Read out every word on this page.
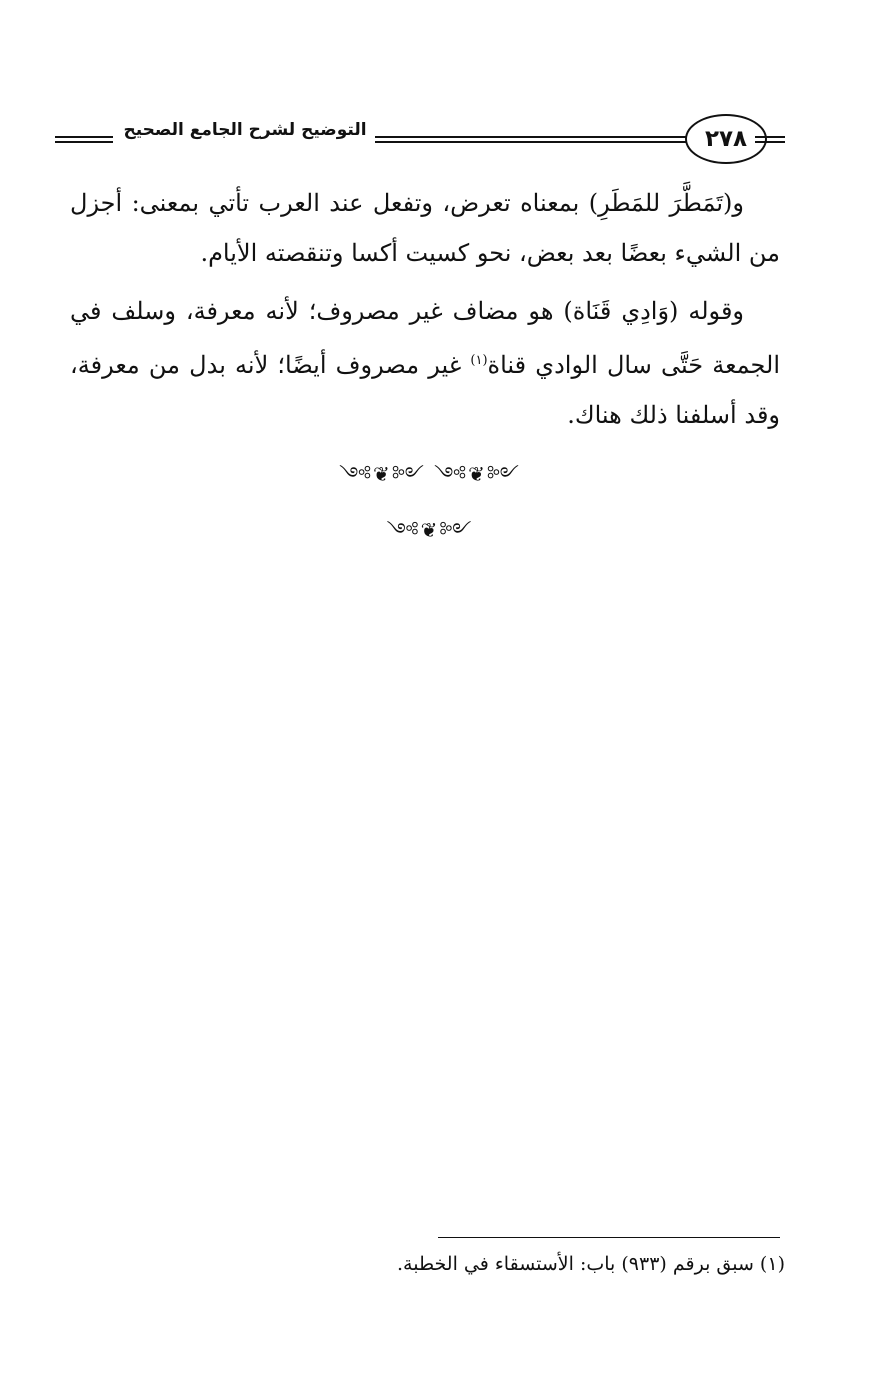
التوضيح لشرح الجامع الصحيح	٢٧٨

و(تَمَطَّرَ للمَطَرِ) بمعناه تعرض، وتفعل عند العرب تأتي بمعنى: أجزل من الشيء بعضًا بعد بعض، نحو كسيت أكسا وتنقصته الأيام.

وقوله (وَادِي قَنَاة) هو مضاف غير مصروف؛ لأنه معرفة، وسلف في الجمعة حَتَّى سال الوادي قناة$^{(١)}$ غير مصروف أيضًا؛ لأنه بدل من معرفة، وقد أسلفنا ذلك هناك.

༺❦༻ ༺❦༻ ༺❦༻
(١) سبق برقم (٩٣٣) باب: الأستسقاء في الخطبة.
